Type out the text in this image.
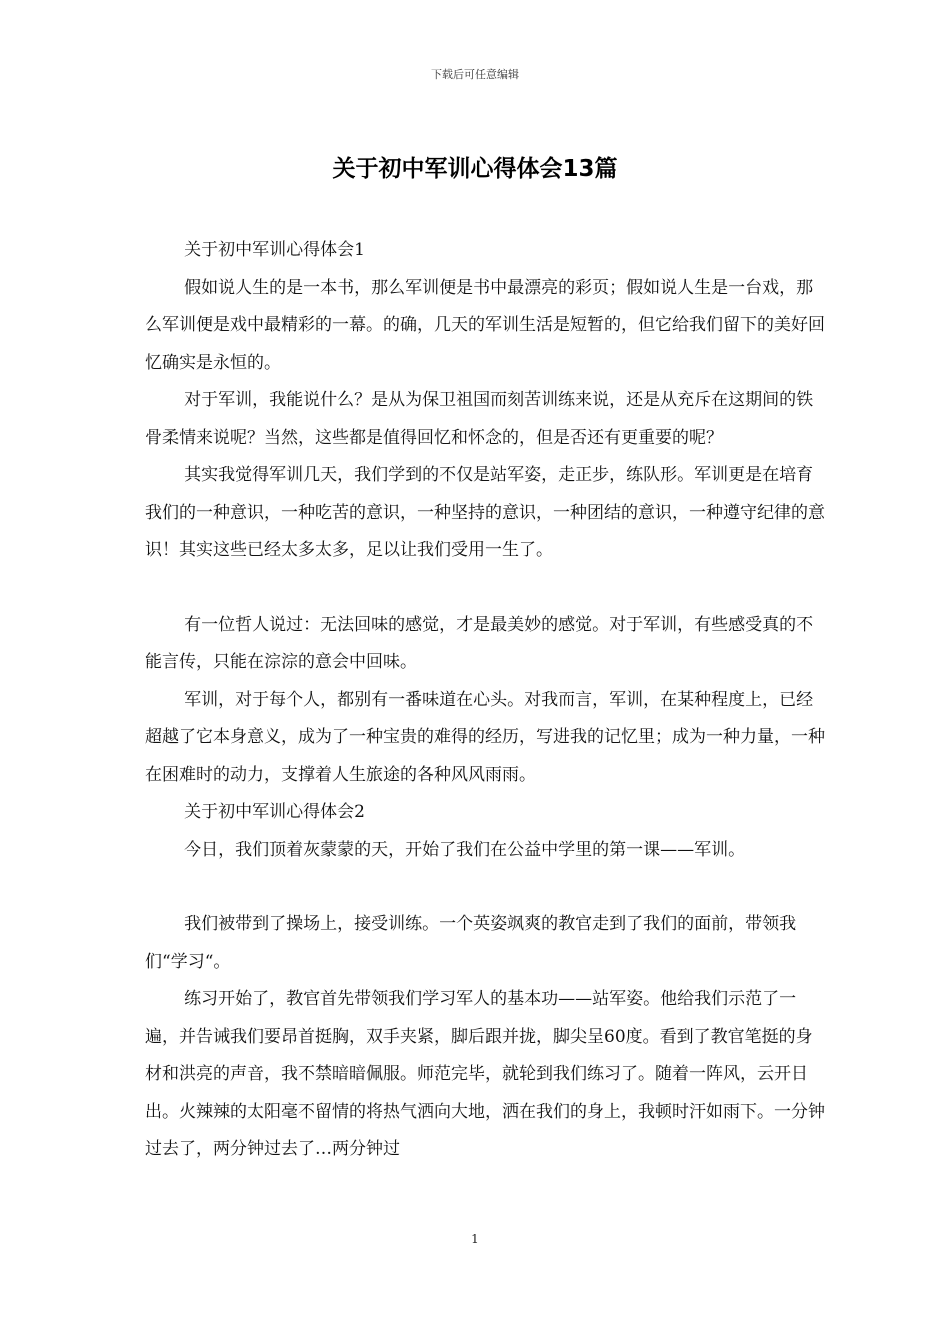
下载后可任意编辑
关于初中军训心得体会13篇

关于初中军训心得体会1

假如说人生的是一本书，那么军训便是书中最漂亮的彩页；假如说人生是一台戏，那么军训便是戏中最精彩的一幕。的确，几天的军训生活是短暂的，但它给我们留下的美好回忆确实是永恒的。

对于军训，我能说什么？是从为保卫祖国而刻苦训练来说，还是从充斥在这期间的铁骨柔情来说呢？当然，这些都是值得回忆和怀念的，但是否还有更重要的呢？

其实我觉得军训几天，我们学到的不仅是站军姿，走正步，练队形。军训更是在培育我们的一种意识，一种吃苦的意识，一种坚持的意识，一种团结的意识，一种遵守纪律的意识！其实这些已经太多太多，足以让我们受用一生了。

有一位哲人说过：无法回味的感觉，才是最美妙的感觉。对于军训，有些感受真的不能言传，只能在淙淙的意会中回味。

军训，对于每个人，都别有一番味道在心头。对我而言，军训，在某种程度上，已经超越了它本身意义，成为了一种宝贵的难得的经历，写进我的记忆里；成为一种力量，一种在困难时的动力，支撑着人生旅途的各种风风雨雨。

关于初中军训心得体会2

今日，我们顶着灰蒙蒙的天，开始了我们在公益中学里的第一课——军训。

我们被带到了操场上，接受训练。一个英姿飒爽的教官走到了我们的面前，带领我们“学习“。

练习开始了，教官首先带领我们学习军人的基本功——站军姿。他给我们示范了一遍，并告诫我们要昂首挺胸，双手夹紧，脚后跟并拢，脚尖呈60度。看到了教官笔挺的身材和洪亮的声音，我不禁暗暗佩服。师范完毕，就轮到我们练习了。随着一阵风，云开日出。火辣辣的太阳毫不留情的将热气洒向大地，洒在我们的身上，我顿时汗如雨下。一分钟过去了，两分钟过去了…两分钟过

1
